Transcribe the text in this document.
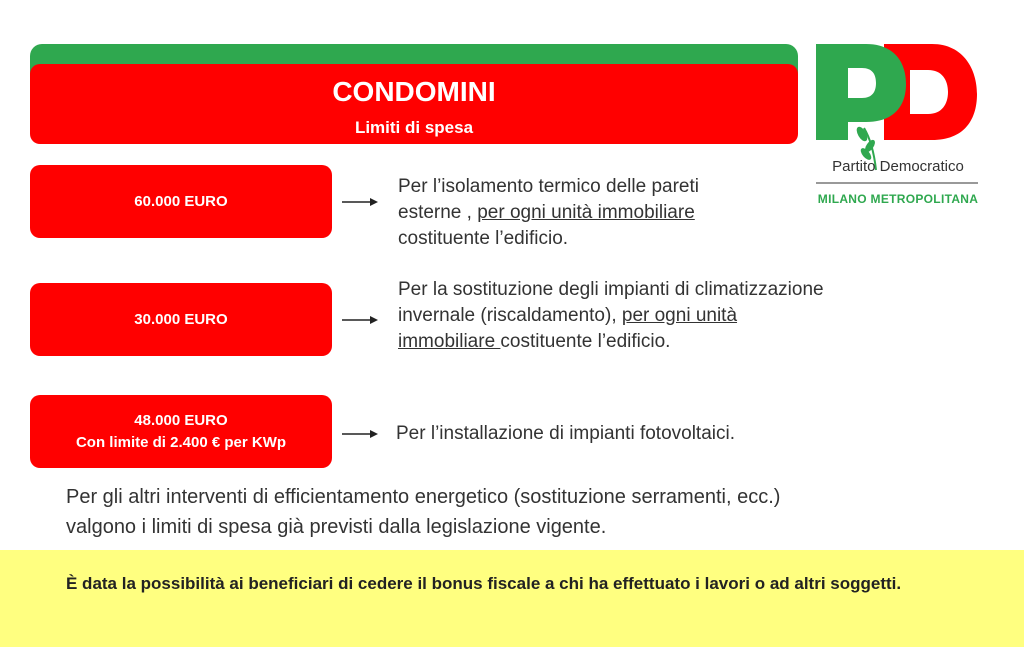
CONDOMINI
Limiti di spesa
Partito Democratico
MILANO METROPOLITANA
60.000 EURO
Per l’isolamento termico delle pareti
esterne , per ogni unità immobiliare
costituente l’edificio.
30.000 EURO
Per la sostituzione degli impianti di climatizzazione
invernale (riscaldamento), per ogni unità
immobiliare costituente l’edificio.
48.000 EURO
Con limite di 2.400 € per KWp	Per l’installazione di impianti fotovoltaici.
Per gli altri interventi di efficientamento energetico (sostituzione serramenti, ecc.)
valgono i limiti di spesa già previsti dalla legislazione vigente.
È data la possibilità ai beneficiari di cedere il bonus fiscale a chi ha effettuato i lavori o ad altri soggetti.
